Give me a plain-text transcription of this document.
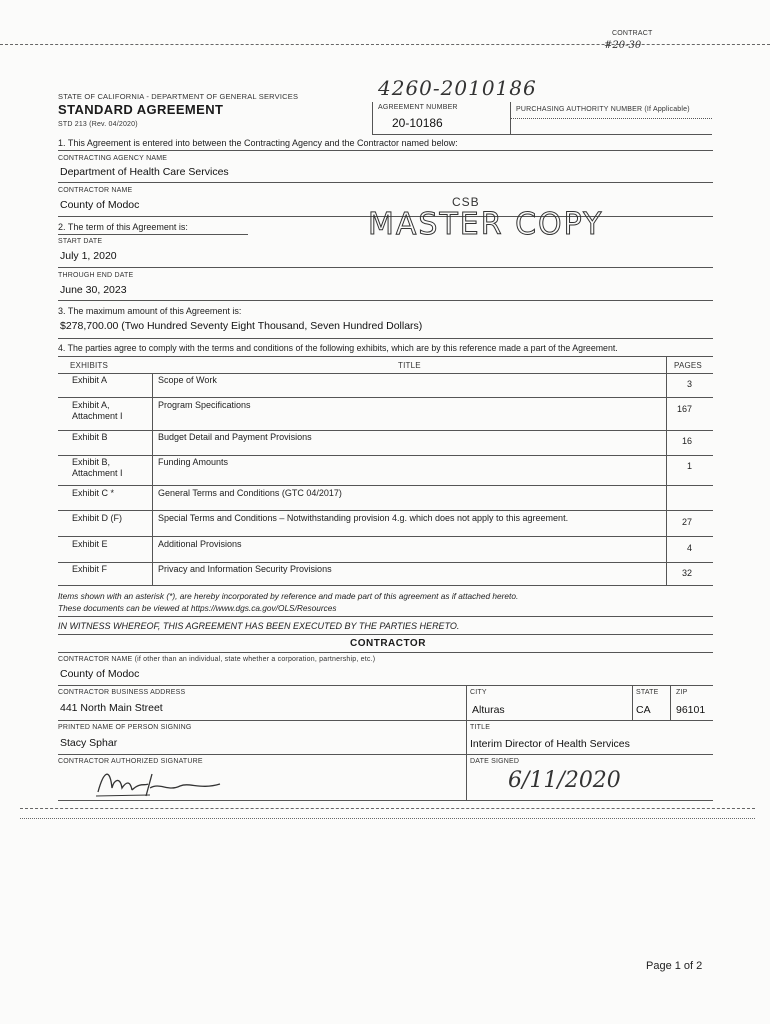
CONTRACT
#20-30
4260-2010186
STATE OF CALIFORNIA - DEPARTMENT OF GENERAL SERVICES
STANDARD AGREEMENT
STD 213 (Rev. 04/2020)
AGREEMENT NUMBER
20-10186
PURCHASING AUTHORITY NUMBER (If Applicable)
1. This Agreement is entered into between the Contracting Agency and the Contractor named below:
CONTRACTING AGENCY NAME
Department of Health Care Services
CONTRACTOR NAME
County of Modoc	CSB
MASTER COPY
2. The term of this Agreement is:
START DATE
July 1, 2020
THROUGH END DATE
June 30, 2023
3. The maximum amount of this Agreement is:
$278,700.00 (Two Hundred Seventy Eight Thousand, Seven Hundred Dollars)
4. The parties agree to comply with the terms and conditions of the following exhibits, which are by this reference made a part of the Agreement.
EXHIBITS	TITLE	PAGES
Exhibit A	Scope of Work	3
Exhibit A,
Attachment I
Program Specifications	167
Exhibit B	Budget Detail and Payment Provisions	16
Exhibit B,
Attachment I
Funding Amounts	1
Exhibit C *	General Terms and Conditions (GTC 04/2017)
Exhibit D (F)	Special Terms and Conditions – Notwithstanding provision 4.g. which does not apply to this agreement.	27
Exhibit E	Additional Provisions	4
Exhibit F	Privacy and Information Security Provisions	32
Items shown with an asterisk (*), are hereby incorporated by reference and made part of this agreement as if attached hereto.
These documents can be viewed at https://www.dgs.ca.gov/OLS/Resources
IN WITNESS WHEREOF, THIS AGREEMENT HAS BEEN EXECUTED BY THE PARTIES HERETO.
CONTRACTOR
CONTRACTOR NAME (if other than an individual, state whether a corporation, partnership, etc.)
County of Modoc
CONTRACTOR BUSINESS ADDRESS
441 North Main Street
CITY
Alturas
STATE
CA
ZIP
96101
PRINTED NAME OF PERSON SIGNING
Stacy Sphar
TITLE
Interim Director of Health Services
CONTRACTOR AUTHORIZED SIGNATURE	DATE SIGNED
6/11/2020
Page 1 of 2
